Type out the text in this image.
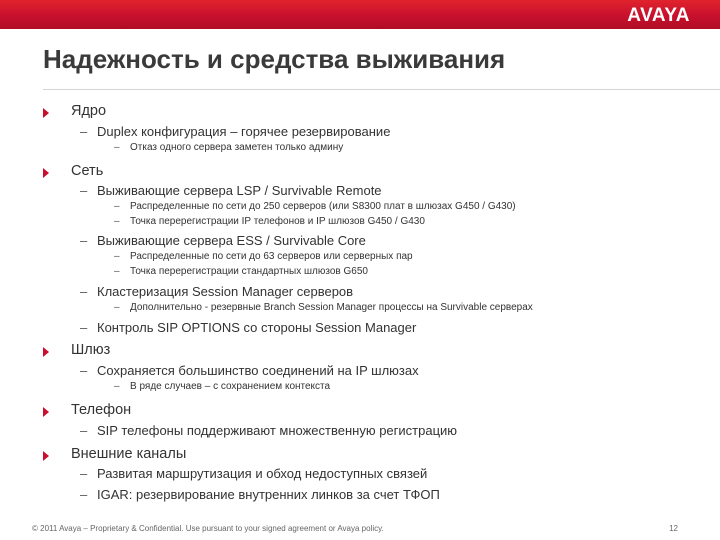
AVAYA
Надежность и средства выживания
Ядро
– Duplex конфигурация – горячее резервирование
– Отказ одного сервера заметен только админу
Сеть
– Выживающие сервера LSP / Survivable Remote
– Распределенные по сети до 250 серверов (или S8300 плат в шлюзах G450 / G430)
– Точка перерегистрации IP телефонов и IP шлюзов G450 / G430
– Выживающие сервера ESS / Survivable Core
– Распределенные по сети до 63 серверов или серверных пар
– Точка перерегистрации стандартных шлюзов G650
– Кластеризация Session Manager серверов
– Дополнительно - резервные Branch Session Manager процессы на Survivable серверах
– Контроль SIP OPTIONS со стороны Session Manager
Шлюз
– Сохраняется большинство соединений на IP шлюзах
– В ряде случаев – с сохранением контекста
Телефон
– SIP телефоны поддерживают множественную регистрацию
Внешние каналы
– Развитая маршрутизация и обход недоступных связей
– IGAR: резервирование внутренних линков за счет ТФОП
© 2011 Avaya – Proprietary & Confidential. Use pursuant to your signed agreement or Avaya policy.	12
